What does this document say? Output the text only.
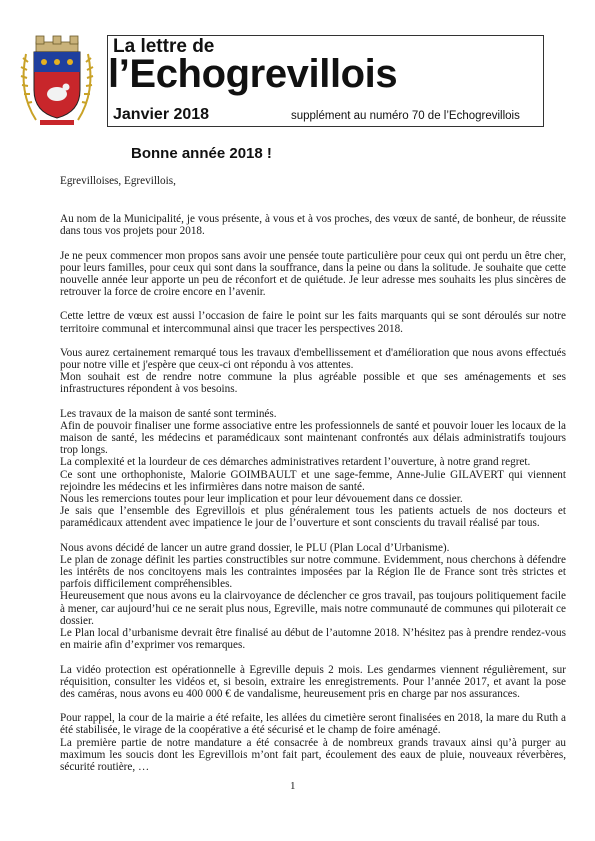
La lettre de
l’Echogrevillois
Janvier 2018	supplément au numéro 70 de l’Echogrevillois
Bonne année 2018 !

Egrevilloises, Egrevillois,

Au nom de la Municipalité, je vous présente, à vous et à vos proches, des vœux de santé, de bonheur, de réussite dans tous vos projets pour 2018.

Je ne peux commencer mon propos sans avoir une pensée toute particulière pour ceux qui ont perdu un être cher, pour leurs familles, pour ceux qui sont dans la souffrance, dans la peine ou dans la solitude. Je souhaite que cette nouvelle année leur apporte un peu de réconfort et de quiétude. Je leur adresse mes souhaits les plus sincères de retrouver la force de croire encore en l’avenir.

Cette lettre de vœux est aussi l’occasion de faire le point sur les faits marquants qui se sont déroulés sur notre territoire communal et intercommunal ainsi que tracer les perspectives 2018.

Vous aurez certainement remarqué tous les travaux d'embellissement et d'amélioration que nous avons effectués pour notre ville et j'espère que ceux-ci ont répondu à vos attentes.

Mon souhait est de rendre notre commune la plus agréable possible et que ses aménagements et ses infrastructures répondent à vos besoins.

Les travaux de la maison de santé sont terminés.

Afin de pouvoir finaliser une forme associative entre les professionnels de santé et pouvoir louer les locaux de la maison de santé, les médecins et paramédicaux sont maintenant confrontés aux délais administratifs toujours trop longs.

La complexité et la lourdeur de ces démarches administratives retardent l’ouverture, à notre grand regret.

Ce sont une orthophoniste, Malorie GOIMBAULT et une sage-femme, Anne-Julie GILAVERT qui viennent rejoindre les médecins et les infirmières dans notre maison de santé.

Nous les remercions toutes pour leur implication et pour leur dévouement dans ce dossier.

Je sais que l’ensemble des Egrevillois et plus généralement tous les patients actuels de nos docteurs et paramédicaux attendent avec impatience le jour de l’ouverture et sont conscients du travail réalisé par tous.

Nous avons décidé de lancer un autre grand dossier, le PLU (Plan Local d’Urbanisme).

Le plan de zonage définit les parties constructibles sur notre commune. Evidemment, nous cherchons à défendre les intérêts de nos concitoyens mais les contraintes imposées par la Région Ile de France sont très strictes et parfois difficilement compréhensibles.

Heureusement que nous avons eu la clairvoyance de déclencher ce gros travail, pas toujours politiquement facile à mener, car aujourd’hui ce ne serait plus nous, Egreville, mais notre communauté de communes qui piloterait ce dossier.

Le Plan local d’urbanisme devrait être finalisé au début de l’automne 2018. N’hésitez pas à prendre rendez-vous en mairie afin d’exprimer vos remarques.

La vidéo protection est opérationnelle à Egreville depuis 2 mois. Les gendarmes viennent régulièrement, sur réquisition, consulter les vidéos et, si besoin, extraire les enregistrements. Pour l’année 2017, et avant la pose des caméras, nous avons eu 400 000 € de vandalisme, heureusement pris en charge par nos assurances.

Pour rappel, la cour de la mairie a été refaite, les allées du cimetière seront finalisées en 2018, la mare du Ruth a été stabilisée, le virage de la coopérative a été sécurisé et le champ de foire aménagé.

La première partie de notre mandature a été consacrée à de nombreux grands travaux ainsi qu’à purger au maximum les soucis dont les Egrevillois m’ont fait part, écoulement des eaux de pluie, nouveaux réverbères, sécurité routière, …

1
